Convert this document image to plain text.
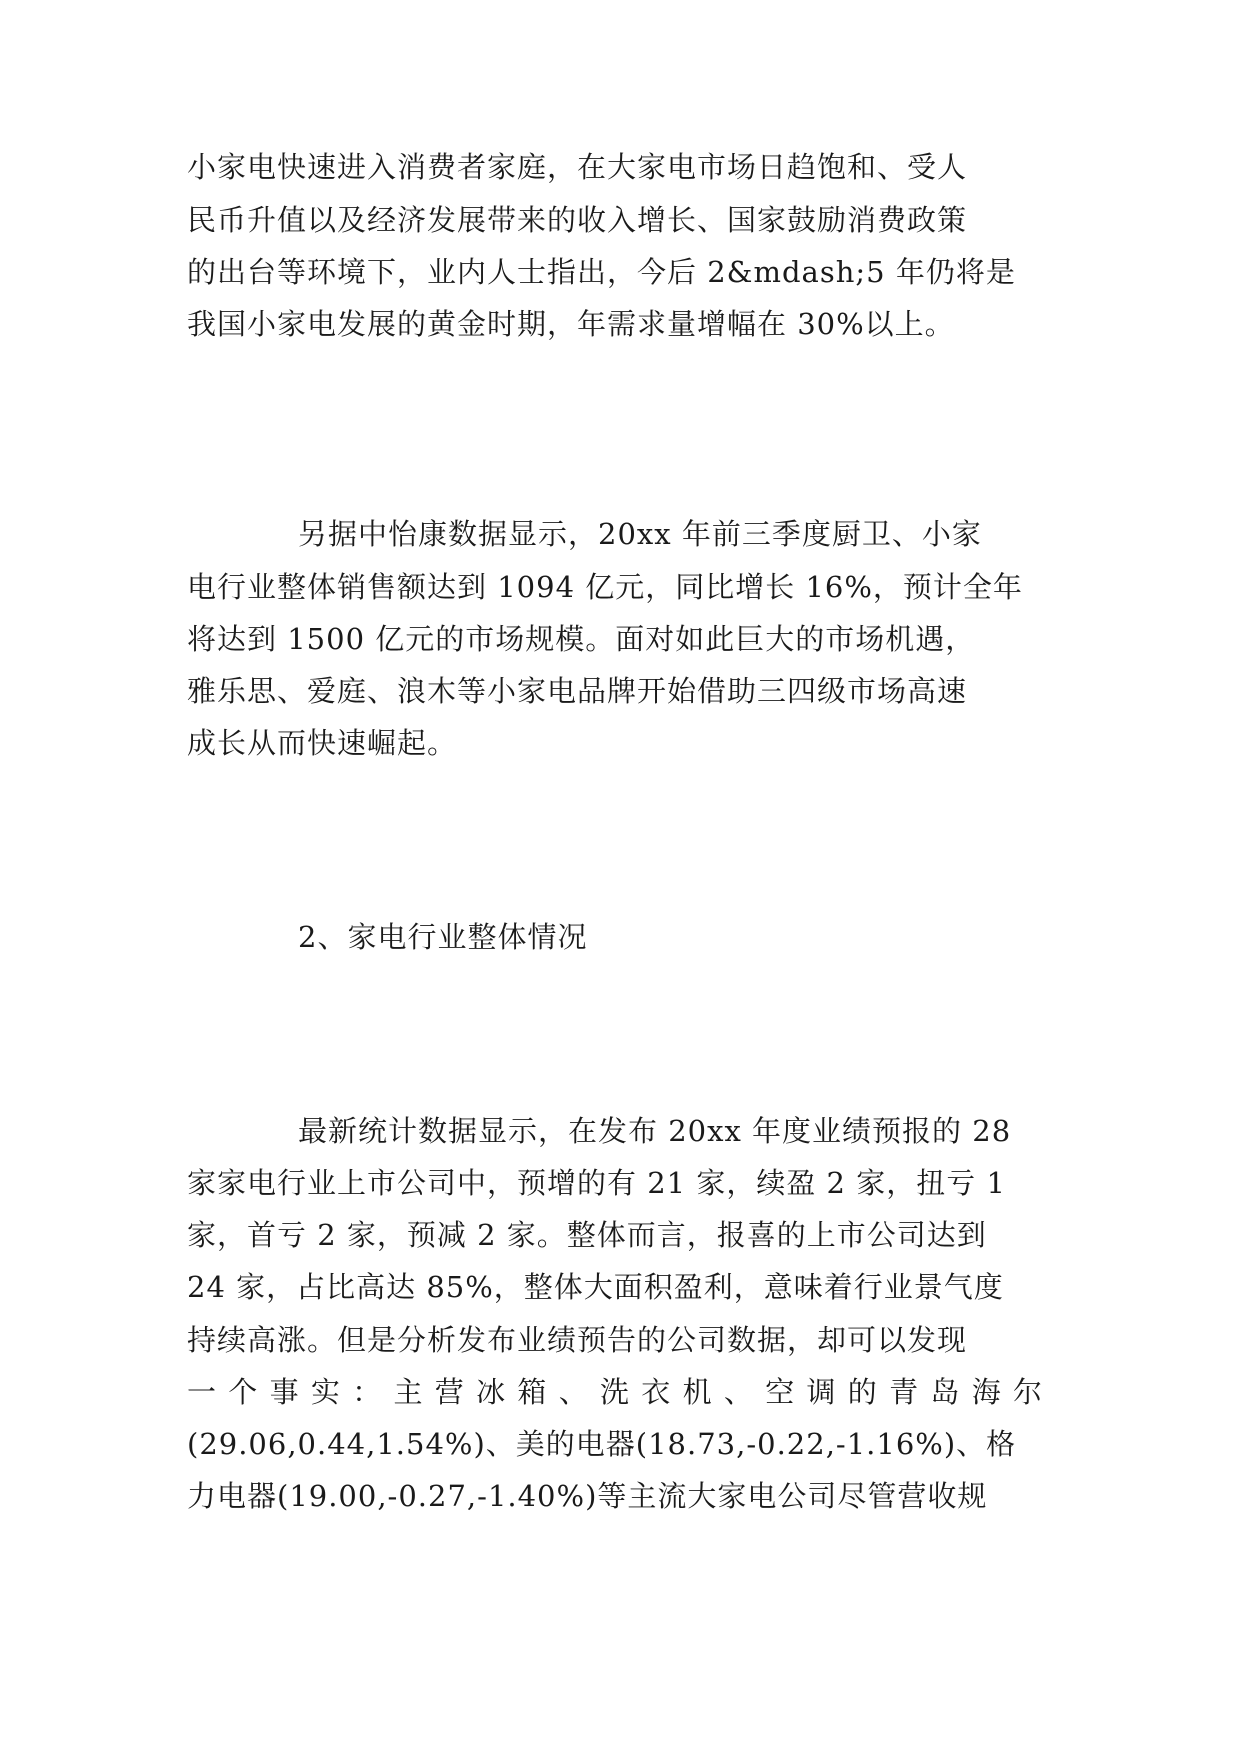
小家电快速进入消费者家庭，在大家电市场日趋饱和、受人
民币升值以及经济发展带来的收入增长、国家鼓励消费政策
的出台等环境下，业内人士指出，今后 2&mdash;5 年仍将是
我国小家电发展的黄金时期，年需求量增幅在 30%以上。
另据中怡康数据显示，20xx 年前三季度厨卫、小家
电行业整体销售额达到 1094 亿元，同比增长 16%，预计全年
将达到 1500 亿元的市场规模。面对如此巨大的市场机遇，
雅乐思、爱庭、浪木等小家电品牌开始借助三四级市场高速
成长从而快速崛起。
2、家电行业整体情况
最新统计数据显示，在发布 20xx 年度业绩预报的 28
家家电行业上市公司中，预增的有 21 家，续盈 2 家，扭亏 1
家，首亏 2 家，预减 2 家。整体而言，报喜的上市公司达到
24 家，占比高达 85%，整体大面积盈利，意味着行业景气度
持续高涨。但是分析发布业绩预告的公司数据，却可以发现
一 个 事 实 ： 主 营 冰 箱 、 洗 衣 机 、 空 调 的 青 岛 海 尔
(29.06,0.44,1.54%)、美的电器(18.73,-0.22,-1.16%)、格
力电器(19.00,-0.27,-1.40%)等主流大家电公司尽管营收规
